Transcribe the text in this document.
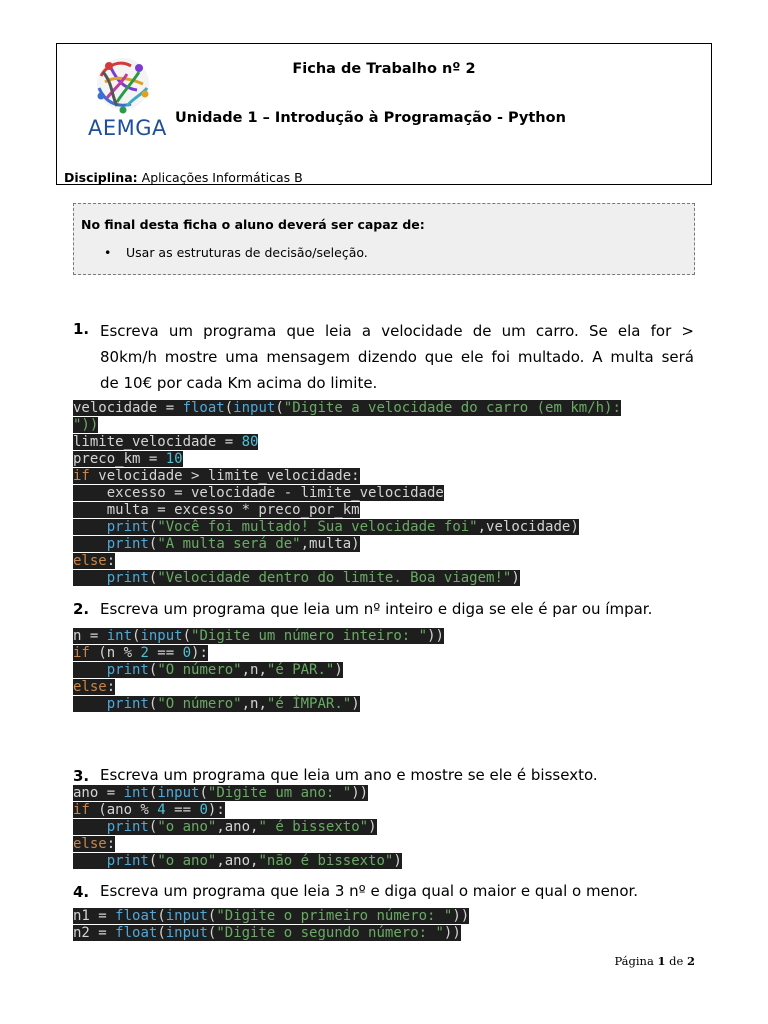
AEMGA
Ficha de Trabalho nº 2
Unidade 1 – Introdução à Programação - Python
Disciplina: Aplicações Informáticas B
No final desta ficha o aluno deverá ser capaz de:
• Usar as estruturas de decisão/seleção.
1. Escreva um programa que leia a velocidade de um carro. Se ela for >
80km/h mostre uma mensagem dizendo que ele foi multado. A multa será
de 10€ por cada Km acima do limite.
velocidade = float(input("Digite a velocidade do carro (em km/h):
"))
limite_velocidade = 80
preco_km = 10
if velocidade > limite_velocidade:
excesso = velocidade - limite_velocidade
multa = excesso * preco_por_km
print("Você foi multado! Sua velocidade foi",velocidade)
print("A multa será de",multa)
else:
print("Velocidade dentro do limite. Boa viagem!")
2. Escreva um programa que leia um nº inteiro e diga se ele é par ou ímpar.
n = int(input("Digite um número inteiro: "))
if (n % 2 == 0):
print("O número",n,"é PAR.")
else:
print("O número",n,"é ÍMPAR.")
3. Escreva um programa que leia um ano e mostre se ele é bissexto.
ano = int(input("Digite um ano: "))
if (ano % 4 == 0):
print("o ano",ano," é bissexto")
else:
print("o ano",ano,"não é bissexto")
4. Escreva um programa que leia 3 nº e diga qual o maior e qual o menor.
n1 = float(input("Digite o primeiro número: "))
n2 = float(input("Digite o segundo número: "))
Página 1 de 2
